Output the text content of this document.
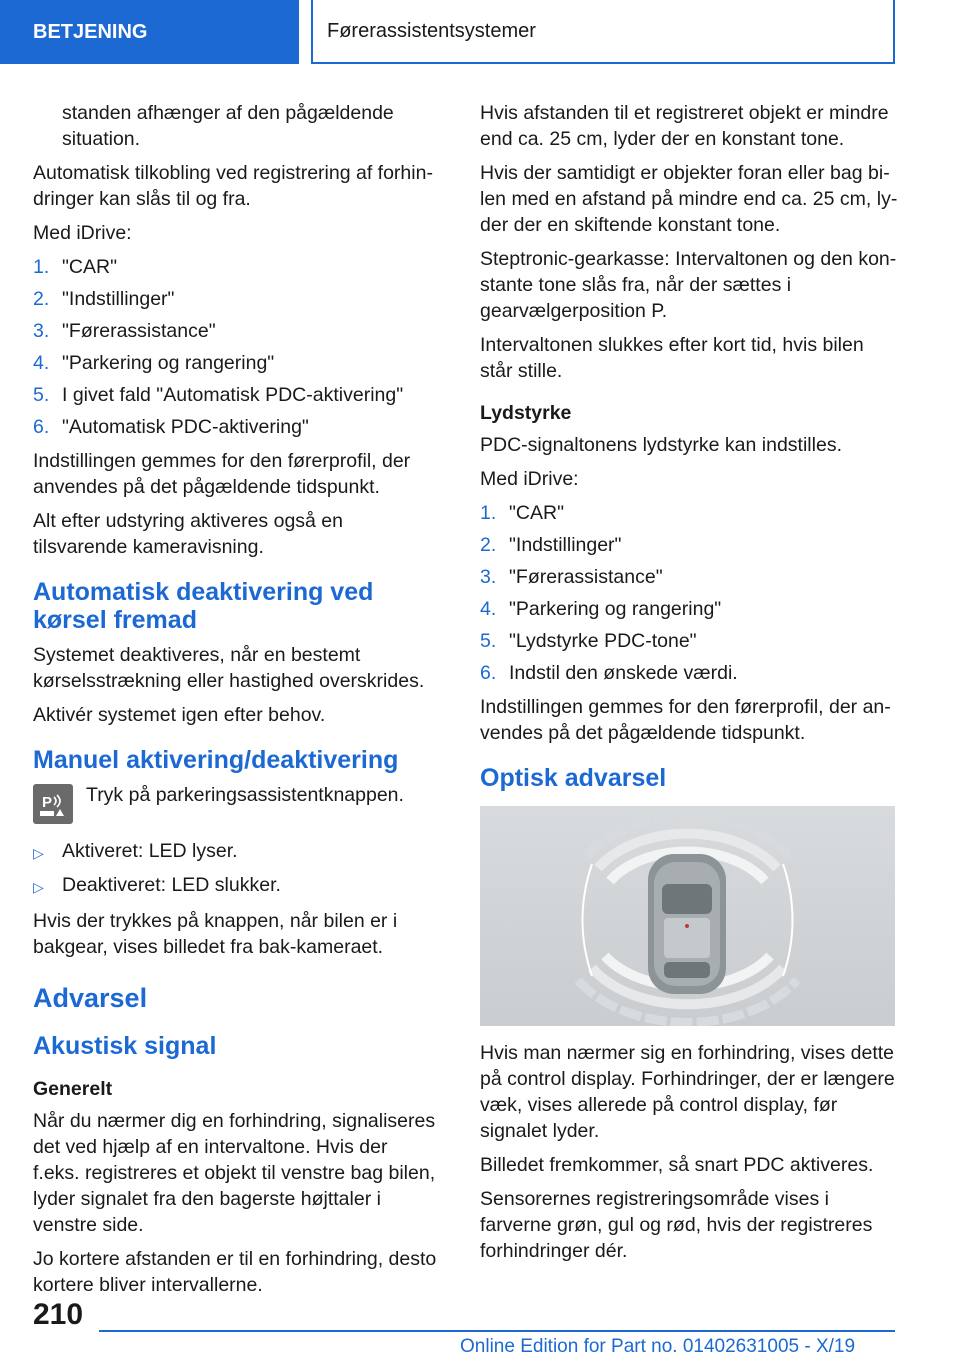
BETJENING	Førerassistentsystemer

standen afhænger af den pågældende situation.

Automatisk tilkobling ved registrering af forhindringer kan slås til og fra.

Med iDrive:

1. "CAR"
2. "Indstillinger"
3. "Førerassistance"
4. "Parkering og rangering"
5. I givet fald "Automatisk PDC-aktivering"
6. "Automatisk PDC-aktivering"

Indstillingen gemmes for den førerprofil, der anvendes på det pågældende tidspunkt.

Alt efter udstyring aktiveres også en tilsvarende kameravisning.

Automatisk deaktivering ved kørsel fremad

Systemet deaktiveres, når en bestemt kørselsstrækning eller hastighed overskrides.

Aktivér systemet igen efter behov.

Manuel aktivering/deaktivering
P Tryk på parkeringsassistentknappen.
▷ Aktiveret: LED lyser.
▷ Deaktiveret: LED slukker.

Hvis der trykkes på knappen, når bilen er i bakgear, vises billedet fra bak-kameraet.

Advarsel
Akustisk signal
Generelt

Når du nærmer dig en forhindring, signaliseres det ved hjælp af en intervaltone. Hvis der f.eks. registreres et objekt til venstre bag bilen, lyder signalet fra den bagerste højttaler i venstre side.

Jo kortere afstanden er til en forhindring, desto kortere bliver intervallerne.

Hvis afstanden til et registreret objekt er mindre end ca. 25 cm, lyder der en konstant tone.

Hvis der samtidigt er objekter foran eller bag bilen med en afstand på mindre end ca. 25 cm, lyder der en skiftende konstant tone.

Steptronic-gearkasse: Intervaltonen og den konstante tone slås fra, når der sættes i gearvælgerposition P.

Intervaltonen slukkes efter kort tid, hvis bilen står stille.

Lydstyrke

PDC-signaltonens lydstyrke kan indstilles.

Med iDrive:

1. "CAR"
2. "Indstillinger"
3. "Førerassistance"
4. "Parkering og rangering"
5. "Lydstyrke PDC-tone"
6. Indstil den ønskede værdi.

Indstillingen gemmes for den førerprofil, der anvendes på det pågældende tidspunkt.

Optisk advarsel

Hvis man nærmer sig en forhindring, vises dette på control display. Forhindringer, der er længere væk, vises allerede på control display, før signalet lyder.

Billedet fremkommer, så snart PDC aktiveres.

Sensorernes registreringsområde vises i farverne grøn, gul og rød, hvis der registreres forhindringer dér.

210
Online Edition for Part no. 01402631005 - X/19
